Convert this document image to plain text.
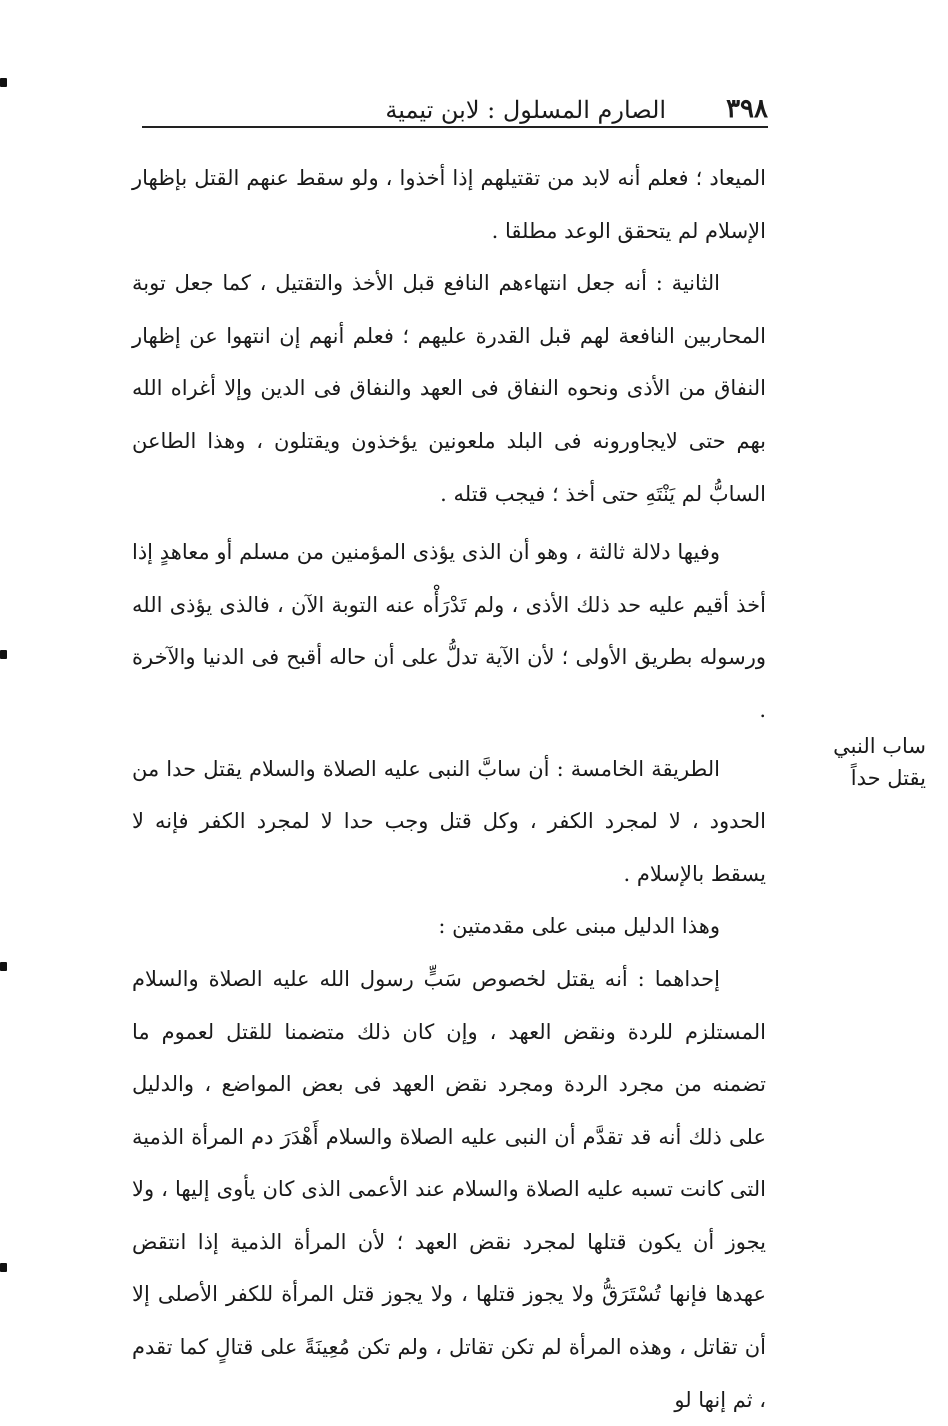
٣٩٨
الصارم المسلول : لابن تيمية
ساب النبي
يقتل حداً

الميعاد ؛ فعلم أنه لابد من تقتيلهم إذا أخذوا ، ولو سقط عنهم القتل بإظهار الإسلام لم يتحقق الوعد مطلقا .

الثانية : أنه جعل انتهاءهم النافع قبل الأخذ والتقتيل ، كما جعل توبة المحاربين النافعة لهم قبل القدرة عليهم ؛ فعلم أنهم إن انتهوا عن إظهار النفاق من الأذى ونحوه النفاق فى العهد والنفاق فى الدين وإلا أغراه الله بهم حتى لايجاورونه فى البلد ملعونين يؤخذون ويقتلون ، وهذا الطاعن السابُّ لم يَنْتَهِ حتى أخذ ؛ فيجب قتله .

وفيها دلالة ثالثة ، وهو أن الذى يؤذى المؤمنين من مسلم أو معاهدٍ إذا أخذ أقيم عليه حد ذلك الأذى ، ولم تَدْرَأْه عنه التوبة الآن ، فالذى يؤذى الله ورسوله بطريق الأولى ؛ لأن الآية تدلُّ على أن حاله أقبح فى الدنيا والآخرة .

الطريقة الخامسة : أن سابَّ النبى عليه الصلاة والسلام يقتل حدا من الحدود ، لا لمجرد الكفر ، وكل قتل وجب حدا لا لمجرد الكفر فإنه لا يسقط بالإسلام .

وهذا الدليل مبنى على مقدمتين :

إحداهما : أنه يقتل لخصوص سَبٍّ رسول الله عليه الصلاة والسلام المستلزم للردة ونقض العهد ، وإن كان ذلك متضمنا للقتل لعموم ما تضمنه من مجرد الردة ومجرد نقض العهد فى بعض المواضع ، والدليل على ذلك أنه قد تقدَّم أن النبى عليه الصلاة والسلام أَهْدَرَ دم المرأة الذمية التى كانت تسبه عليه الصلاة والسلام عند الأعمى الذى كان يأوى إليها ، ولا يجوز أن يكون قتلها لمجرد نقض العهد ؛ لأن المرأة الذمية إذا انتقض عهدها فإنها تُسْتَرَقُّ ولا يجوز قتلها ، ولا يجوز قتل المرأة للكفر الأصلى إلا أن تقاتل ، وهذه المرأة لم تكن تقاتل ، ولم تكن مُعِينَةً على قتالٍ كما تقدم ، ثم إنها لو
